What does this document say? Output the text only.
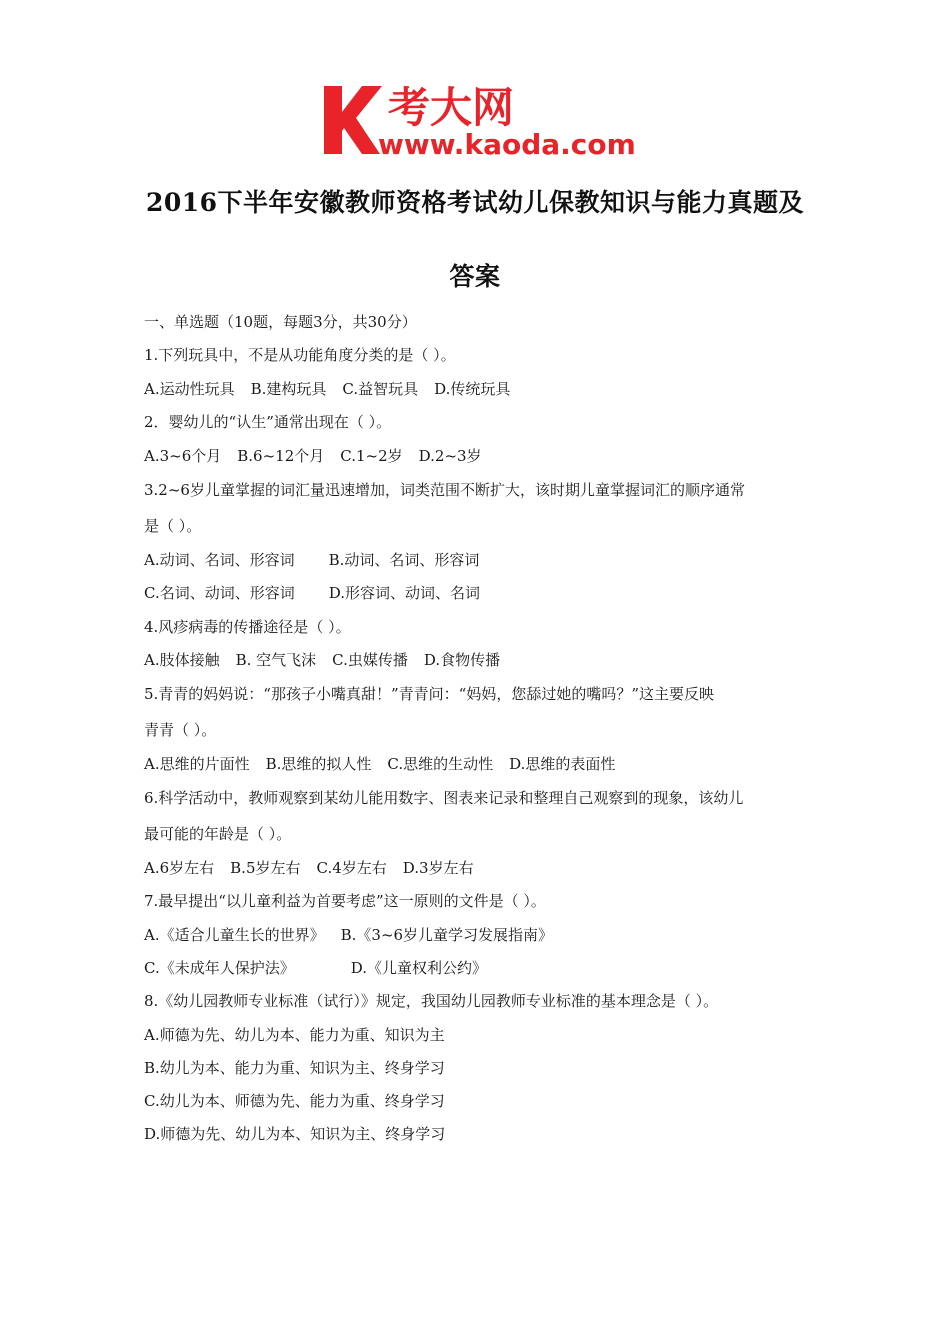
考大网
www.kaoda.com
2016下半年安徽教师资格考试幼儿保教知识与能力真题及
答案
一、单选题（10题，每题3分，共30分）
1.下列玩具中，不是从功能角度分类的是（ ）。
A.运动性玩具 B.建构玩具 C.益智玩具 D.传统玩具
2．婴幼儿的“认生”通常出现在（ ）。
A.3~6个月 B.6~12个月 C.1~2岁 D.2~3岁
3.2~6岁儿童掌握的词汇量迅速增加，词类范围不断扩大，该时期儿童掌握词汇的顺序通常
是（ ）。
A.动词、名词、形容词 B.动词、名词、形容词
C.名词、动词、形容词 D.形容词、动词、名词
4.风疹病毒的传播途径是（ ）。
A.肢体接触 B. 空气飞沫 C.虫媒传播 D.食物传播
5.青青的妈妈说：“那孩子小嘴真甜！”青青问：“妈妈，您舔过她的嘴吗？”这主要反映
青青（ ）。
A.思维的片面性 B.思维的拟人性 C.思维的生动性 D.思维的表面性
6.科学活动中，教师观察到某幼儿能用数字、图表来记录和整理自己观察到的现象，该幼儿
最可能的年龄是（ ）。
A.6岁左右 B.5岁左右 C.4岁左右 D.3岁左右
7.最早提出“以儿童利益为首要考虑”这一原则的文件是（ ）。
A.《适合儿童生长的世界》 B.《3~6岁儿童学习发展指南》
C.《未成年人保护法》	D.《儿童权利公约》
8.《幼儿园教师专业标准（试行）》规定，我国幼儿园教师专业标准的基本理念是（ ）。
A.师德为先、幼儿为本、能力为重、知识为主
B.幼儿为本、能力为重、知识为主、终身学习
C.幼儿为本、师德为先、能力为重、终身学习
D.师德为先、幼儿为本、知识为主、终身学习
